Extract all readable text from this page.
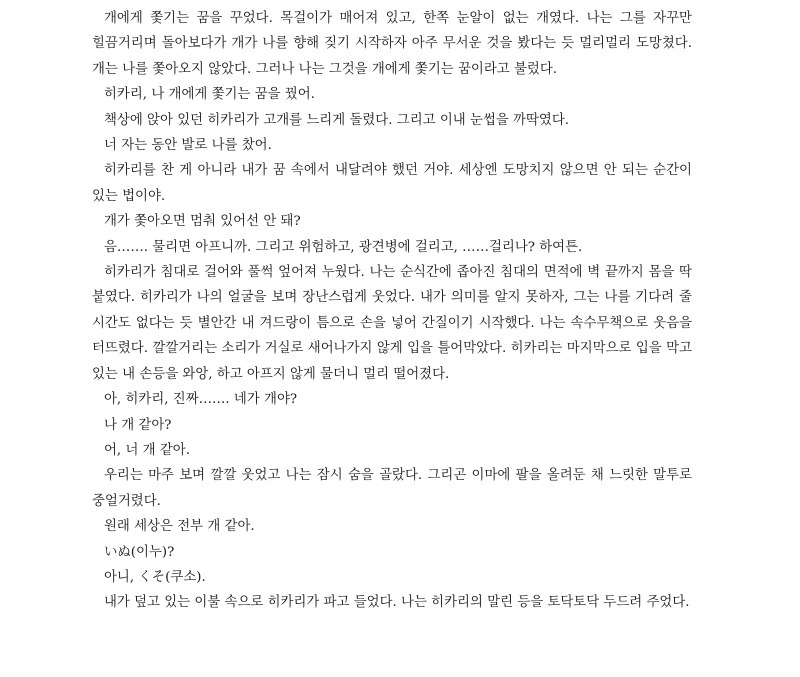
개에게 쫓기는 꿈을 꾸었다. 목걸이가 매어져 있고, 한쪽 눈알이 없는 개였다. 나는 그를 자꾸만 힐끔거리며 돌아보다가 개가 나를 향해 짖기 시작하자 아주 무서운 것을 봤다는 듯 멀리멀리 도망쳤다. 개는 나를 쫓아오지 않았다. 그러나 나는 그것을 개에게 쫓기는 꿈이라고 불렀다.

히카리, 나 개에게 쫓기는 꿈을 꿨어.

책상에 앉아 있던 히카리가 고개를 느리게 돌렸다. 그리고 이내 눈썹을 까딱였다.

너 자는 동안 발로 나를 찼어.

히카리를 찬 게 아니라 내가 꿈 속에서 내달려야 했던 거야. 세상엔 도망치지 않으면 안 되는 순간이 있는 법이야.

개가 쫓아오면 멈춰 있어선 안 돼?

음……. 물리면 아프니까. 그리고 위험하고, 광견병에 걸리고, ……걸리나? 하여튼.

히카리가 침대로 걸어와 풀썩 엎어져 누웠다. 나는 순식간에 좁아진 침대의 면적에 벽 끝까지 몸을 딱 붙였다. 히카리가 나의 얼굴을 보며 장난스럽게 웃었다. 내가 의미를 알지 못하자, 그는 나를 기다려 줄 시간도 없다는 듯 별안간 내 겨드랑이 틈으로 손을 넣어 간질이기 시작했다. 나는 속수무책으로 웃음을 터뜨렸다. 깔깔거리는 소리가 거실로 새어나가지 않게 입을 틀어막았다. 히카리는 마지막으로 입을 막고 있는 내 손등을 와앙, 하고 아프지 않게 물더니 멀리 떨어졌다.

아, 히카리, 진짜……. 네가 개야?

나 개 같아?

어, 너 개 같아.

우리는 마주 보며 깔깔 웃었고 나는 잠시 숨을 골랐다. 그리곤 이마에 팔을 올려둔 채 느릿한 말투로 중얼거렸다.

원래 세상은 전부 개 같아.

いぬ(이누)?

아니, くそ(쿠소).

내가 덮고 있는 이불 속으로 히카리가 파고 들었다. 나는 히카리의 말린 등을 토닥토닥 두드려 주었다.
